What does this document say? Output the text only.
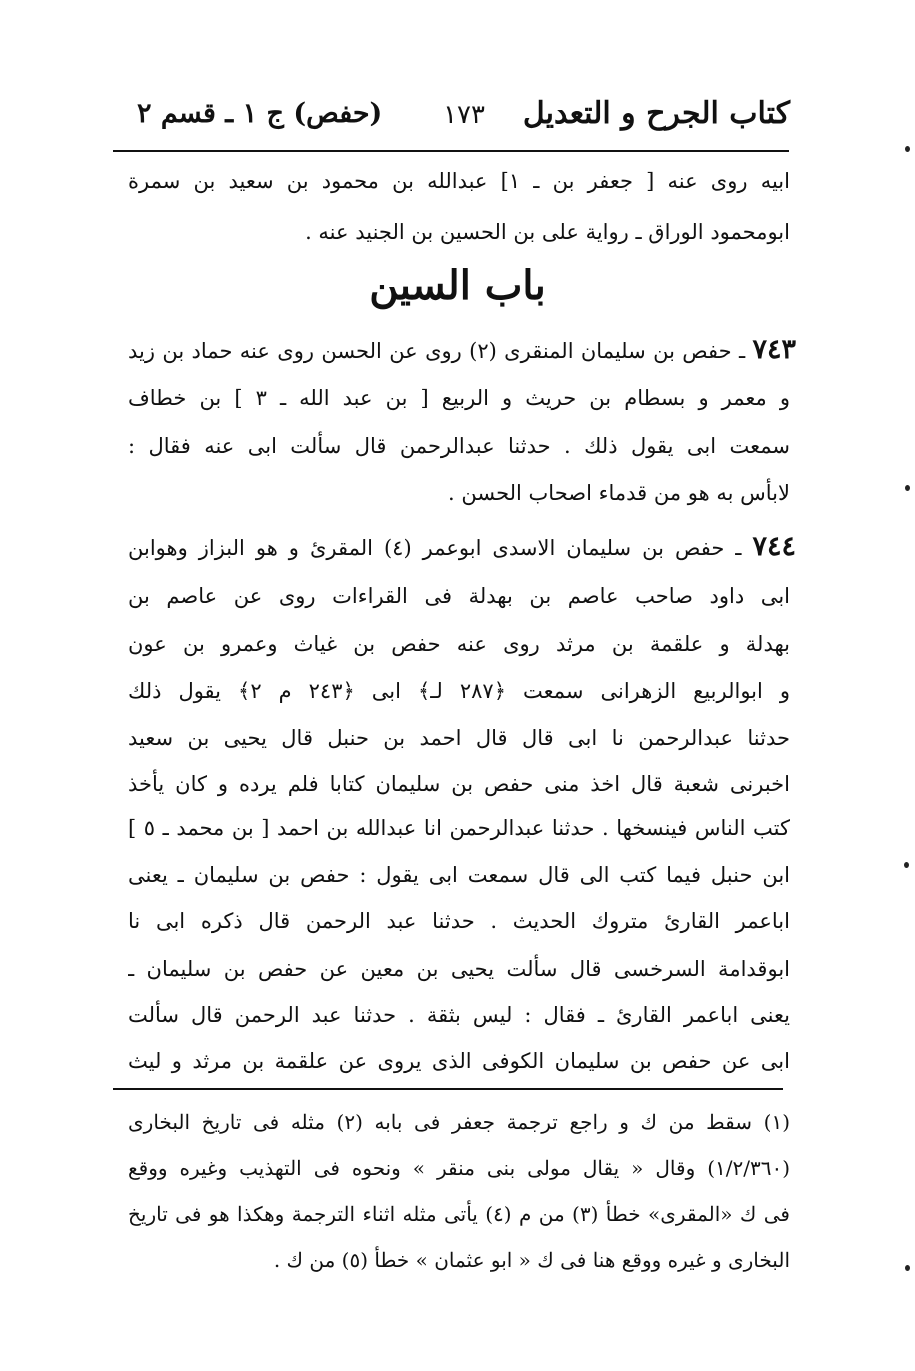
كتاب الجرح و التعديل
١٧٣
(حفص) ج ١ ـ قسم ٢
ابيه روى عنه [ جعفر بن ـ ١] عبدالله بن محمود بن سعيد بن سمرة
ابومحمود الوراق ـ رواية على بن الحسين بن الجنيد عنه .
باب السين
٧٤٣ ـ حفص بن سليمان المنقرى (٢) روى عن الحسن روى عنه حماد بن زيد
و معمر و بسطام بن حريث و الربيع [ بن عبد الله ـ ٣ ] بن خطاف
سمعت ابى يقول ذلك . حدثنا عبدالرحمن قال سألت ابى عنه فقال :
لابأس به هو من قدماء اصحاب الحسن .
٧٤٤ ـ حفص بن سليمان الاسدى ابوعمر (٤) المقرئ و هو البزاز وهوابن
ابى داود صاحب عاصم بن بهدلة فى القراءات روى عن عاصم بن
بهدلة و علقمة بن مرثد روى عنه حفص بن غياث وعمرو بن عون
و ابوالربيع الزهرانى سمعت ﴿٢٨٧ لـ﴾ ابى ﴿٢٤٣ م ٢﴾ يقول ذلك
حدثنا عبدالرحمن نا ابى قال قال احمد بن حنبل قال يحيى بن سعيد
اخبرنى شعبة قال اخذ منى حفص بن سليمان كتابا فلم يرده و كان يأخذ
كتب الناس فينسخها . حدثنا عبدالرحمن انا عبدالله بن احمد [ بن محمد ـ ٥ ]
ابن حنبل فيما كتب الى قال سمعت ابى يقول : حفص بن سليمان ـ يعنى
اباعمر القارئ متروك الحديث . حدثنا عبد الرحمن قال ذكره ابى نا
ابوقدامة السرخسى قال سألت يحيى بن معين عن حفص بن سليمان ـ
يعنى اباعمر القارئ ـ فقال : ليس بثقة . حدثنا عبد الرحمن قال سألت
ابى عن حفص بن سليمان الكوفى الذى يروى عن علقمة بن مرثد و ليث
(١) سقط من ك و راجع ترجمة جعفر فى بابه (٢) مثله فى تاريخ البخارى
(١/٢/٣٦٠) وقال « يقال مولى بنى منقر » ونحوه فى التهذيب وغيره ووقع
فى ك «المقرى» خطأ (٣) من م (٤) يأتى مثله اثناء الترجمة وهكذا هو فى تاريخ
البخارى و غيره ووقع هنا فى ك « ابو عثمان » خطأ (٥) من ك .
